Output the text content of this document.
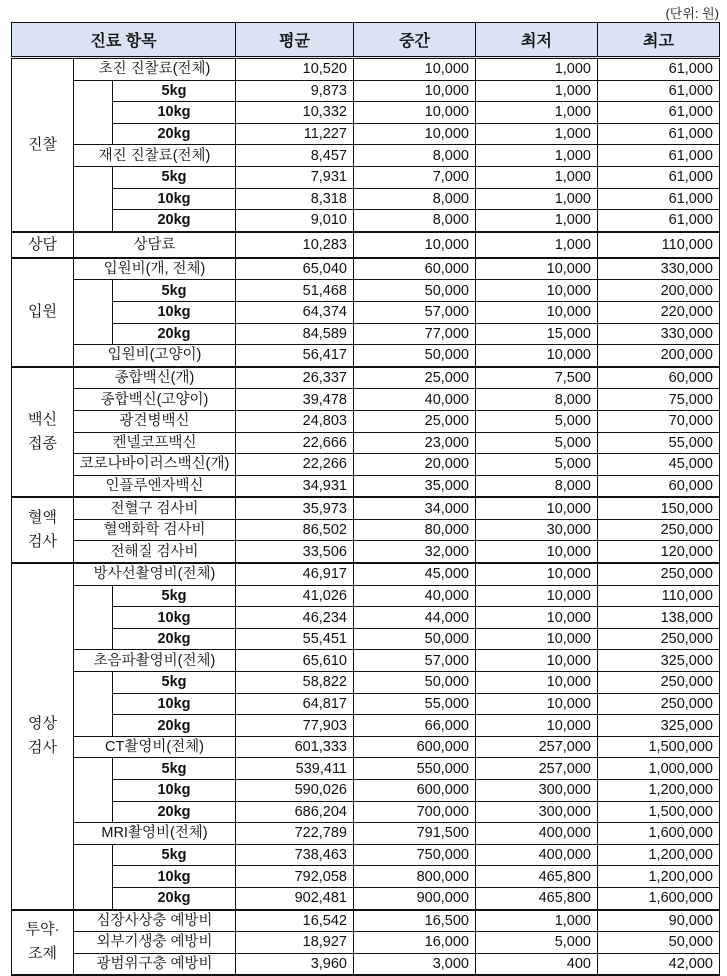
(단위: 원)
진료 항목			평균	중간	최저	최고
진찰	초진 진찰료(전체)		10,520	10,000	1,000	61,000
		5kg	9,873	10,000	1,000	61,000
		10kg	10,332	10,000	1,000	61,000
		20kg	11,227	10,000	1,000	61,000
	재진 진찰료(전체)		8,457	8,000	1,000	61,000
		5kg	7,931	7,000	1,000	61,000
		10kg	8,318	8,000	1,000	61,000
		20kg	9,010	8,000	1,000	61,000
상담	상담료		10,283	10,000	1,000	110,000
입원	입원비(개, 전체)		65,040	60,000	10,000	330,000
		5kg	51,468	50,000	10,000	200,000
		10kg	64,374	57,000	10,000	220,000
		20kg	84,589	77,000	15,000	330,000
	입원비(고양이)		56,417	50,000	10,000	200,000
백신
접종	종합백신(개)		26,337	25,000	7,500	60,000
	종합백신(고양이)		39,478	40,000	8,000	75,000
	광견병백신		24,803	25,000	5,000	70,000
	켄넬코프백신		22,666	23,000	5,000	55,000
	코로나바이러스백신(개)		22,266	20,000	5,000	45,000
	인플루엔자백신		34,931	35,000	8,000	60,000
혈액
검사	전혈구 검사비		35,973	34,000	10,000	150,000
	혈액화학 검사비		86,502	80,000	30,000	250,000
	전해질 검사비		33,506	32,000	10,000	120,000
영상
검사	방사선촬영비(전체)		46,917	45,000	10,000	250,000
		5kg	41,026	40,000	10,000	110,000
		10kg	46,234	44,000	10,000	138,000
		20kg	55,451	50,000	10,000	250,000
	초음파촬영비(전체)		65,610	57,000	10,000	325,000
		5kg	58,822	50,000	10,000	250,000
		10kg	64,817	55,000	10,000	250,000
		20kg	77,903	66,000	10,000	325,000
	CT촬영비(전체)		601,333	600,000	257,000	1,500,000
		5kg	539,411	550,000	257,000	1,000,000
		10kg	590,026	600,000	300,000	1,200,000
		20kg	686,204	700,000	300,000	1,500,000
	MRI촬영비(전체)		722,789	791,500	400,000	1,600,000
		5kg	738,463	750,000	400,000	1,200,000
		10kg	792,058	800,000	465,800	1,200,000
		20kg	902,481	900,000	465,800	1,600,000
투약·
조제	심장사상충 예방비		16,542	16,500	1,000	90,000
	외부기생충 예방비		18,927	16,000	5,000	50,000
	광범위구충 예방비		3,960	3,000	400	42,000
